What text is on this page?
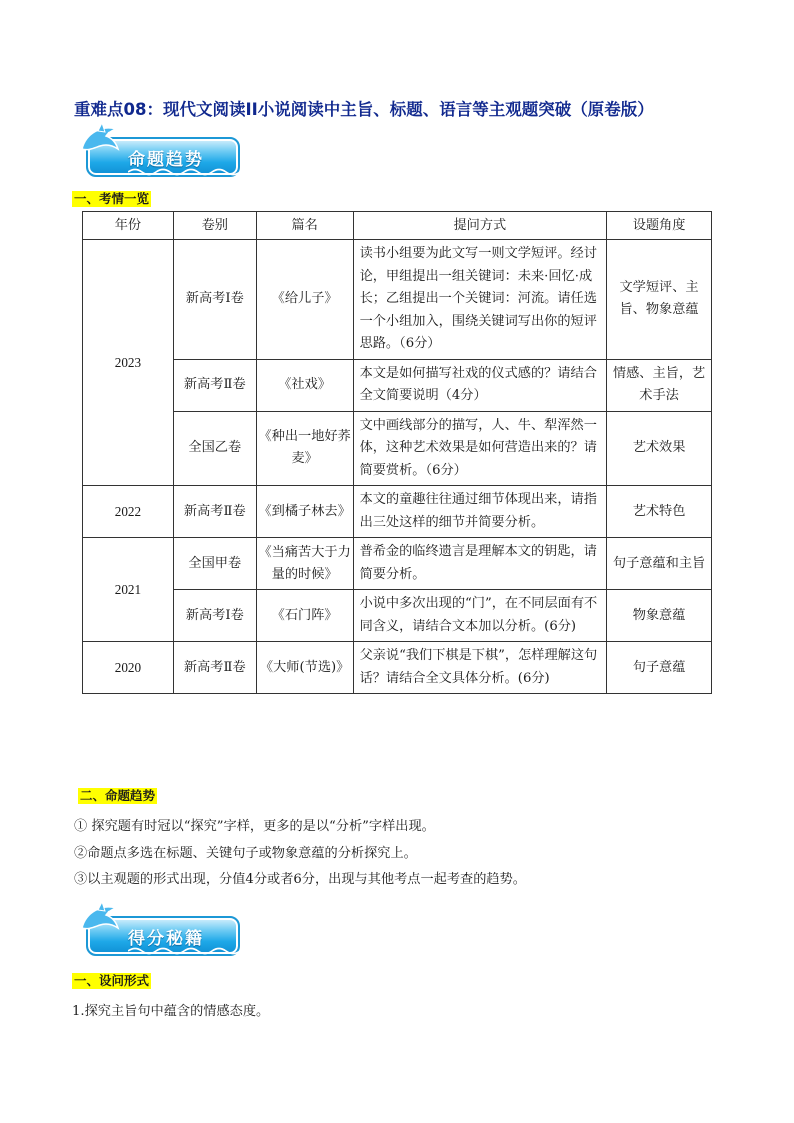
重难点08：现代文阅读II小说阅读中主旨、标题、语言等主观题突破（原卷版）
命题趋势
一、考情一览
年份	卷别	篇名	提问方式	设题角度
2023	新高考Ⅰ卷	《给儿子》	读书小组要为此文写一则文学短评。经讨论，甲组提出一组关键词：未来·回忆·成长；乙组提出一个关键词：河流。请任选一个小组加入，围绕关键词写出你的短评思路。（6分）	文学短评、主旨、物象意蕴
	新高考Ⅱ卷	《社戏》	本文是如何描写社戏的仪式感的？请结合全文简要说明（4分）	情感、主旨，艺术手法
	全国乙卷	《种出一地好荞麦》	文中画线部分的描写，人、牛、犁浑然一体，这种艺术效果是如何营造出来的？请简要赏析。（6分）	艺术效果
2022	新高考Ⅱ卷	《到橘子林去》	本文的童趣往往通过细节体现出来，请指出三处这样的细节并简要分析。	艺术特色
2021	全国甲卷	《当痛苦大于力量的时候》	普希金的临终遗言是理解本文的钥匙，请简要分析。	句子意蕴和主旨
	新高考Ⅰ卷	《石门阵》	小说中多次出现的“门”，在不同层面有不同含义，请结合文本加以分析。(6分)	物象意蕴
2020	新高考Ⅱ卷	《大师(节选)》	父亲说“我们下棋是下棋”，怎样理解这句话？请结合全文具体分析。(6分)	句子意蕴
二、命题趋势
① 探究题有时冠以“探究”字样，更多的是以“分析”字样出现。
②命题点多选在标题、关键句子或物象意蕴的分析探究上。
③以主观题的形式出现，分值4分或者6分，出现与其他考点一起考查的趋势。
得分秘籍
一、设问形式
1.探究主旨句中蕴含的情感态度。
